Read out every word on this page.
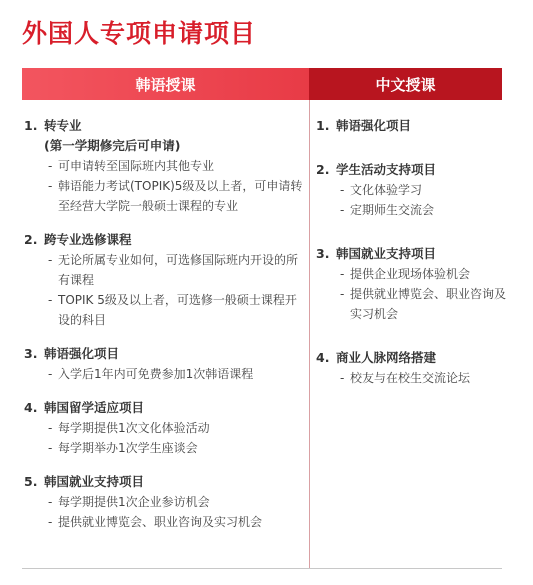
外国人专项申请项目
韩语授课	中文授课
1. 转专业
(第一学期修完后可申请)
- 可申请转至国际班内其他专业
- 韩语能力考试(TOPIK)5级及以上者，可申请转至经营大学院一般硕士课程的专业
2. 跨专业选修课程
- 无论所属专业如何，可选修国际班内开设的所有课程
- TOPIK 5级及以上者，可选修一般硕士课程开设的科目
3. 韩语强化项目
- 入学后1年内可免费参加1次韩语课程
4. 韩国留学适应项目
- 每学期提供1次文化体验活动
- 每学期举办1次学生座谈会
5. 韩国就业支持项目
- 每学期提供1次企业参访机会
- 提供就业博览会、职业咨询及实习机会
1. 韩语强化项目
2. 学生活动支持项目
- 文化体验学习
- 定期师生交流会
3. 韩国就业支持项目
- 提供企业现场体验机会
- 提供就业博览会、职业咨询及实习机会
4. 商业人脉网络搭建
- 校友与在校生交流论坛
